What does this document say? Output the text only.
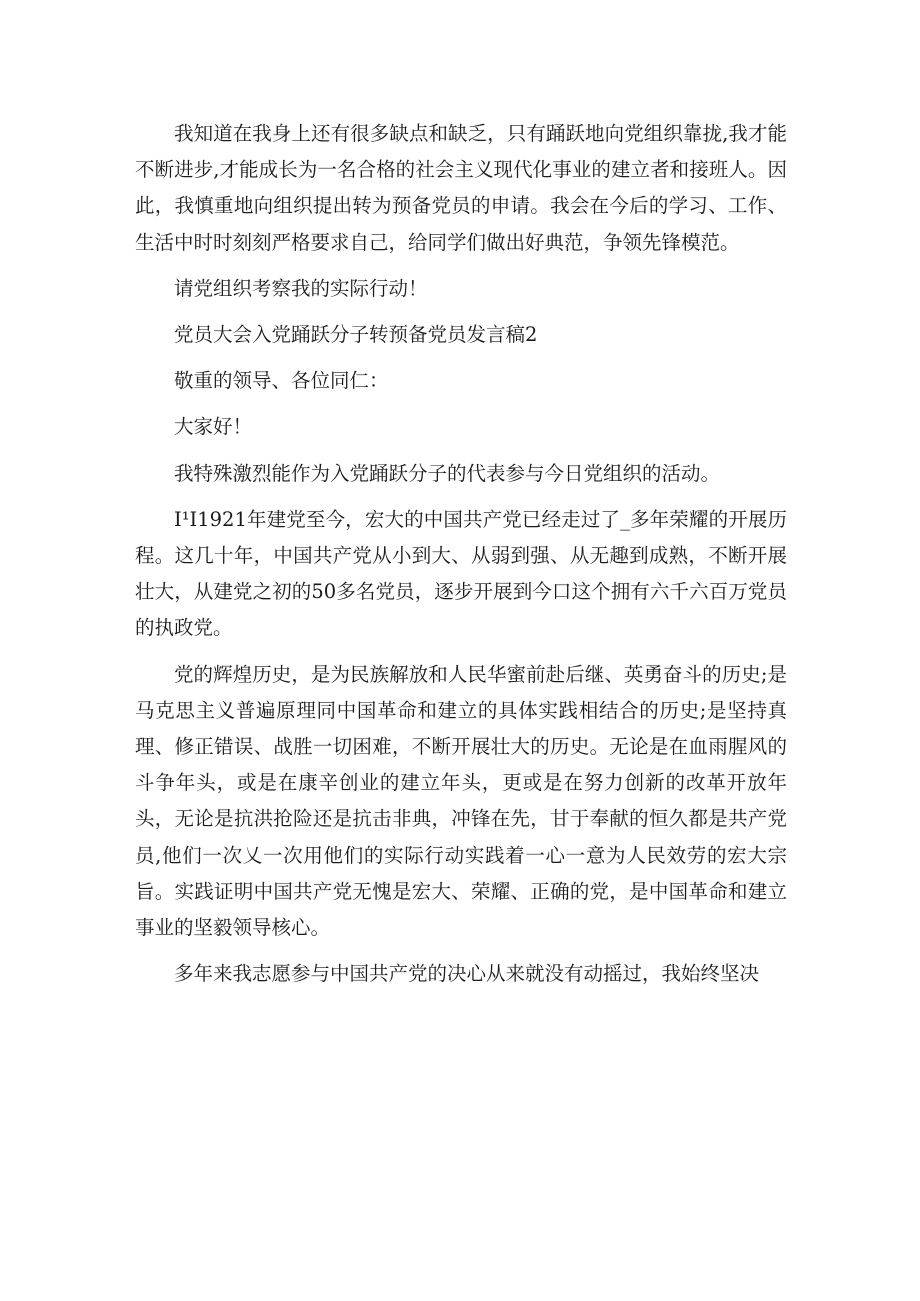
我知道在我身上还有很多缺点和缺乏，只有踊跃地向党组织靠拢,我才能不断进步,才能成长为一名合格的社会主义现代化事业的建立者和接班人。因此，我慎重地向组织提出转为预备党员的申请。我会在今后的学习、工作、生活中时时刻刻严格要求自己，给同学们做出好典范，争领先锋模范。

请党组织考察我的实际行动！

党员大会入党踊跃分子转预备党员发言稿2

敬重的领导、各位同仁：

大家好！

我特殊激烈能作为入党踊跃分子的代表参与今日党组织的活动。

I¹I1921年建党至今，宏大的中国共产党已经走过了_多年荣耀的开展历程。这几十年，中国共产党从小到大、从弱到强、从无趣到成熟，不断开展壮大，从建党之初的50多名党员，逐步开展到今口这个拥有六千六百万党员的执政党。

党的辉煌历史，是为民族解放和人民华蜜前赴后继、英勇奋斗的历史;是马克思主义普遍原理同中国革命和建立的具体实践相结合的历史;是坚持真理、修正错误、战胜一切困难，不断开展壮大的历史。无论是在血雨腥风的斗争年头，或是在康辛创业的建立年头，更或是在努力创新的改革开放年头，无论是抗洪抢险还是抗击非典，冲锋在先，甘于奉献的恒久都是共产党员,他们一次乂一次用他们的实际行动实践着一心一意为人民效劳的宏大宗旨。实践证明中国共产党无愧是宏大、荣耀、正确的党，是中国革命和建立事业的坚毅领导核心。

多年来我志愿参与中国共产党的决心从来就没有动摇过，我始终坚决
